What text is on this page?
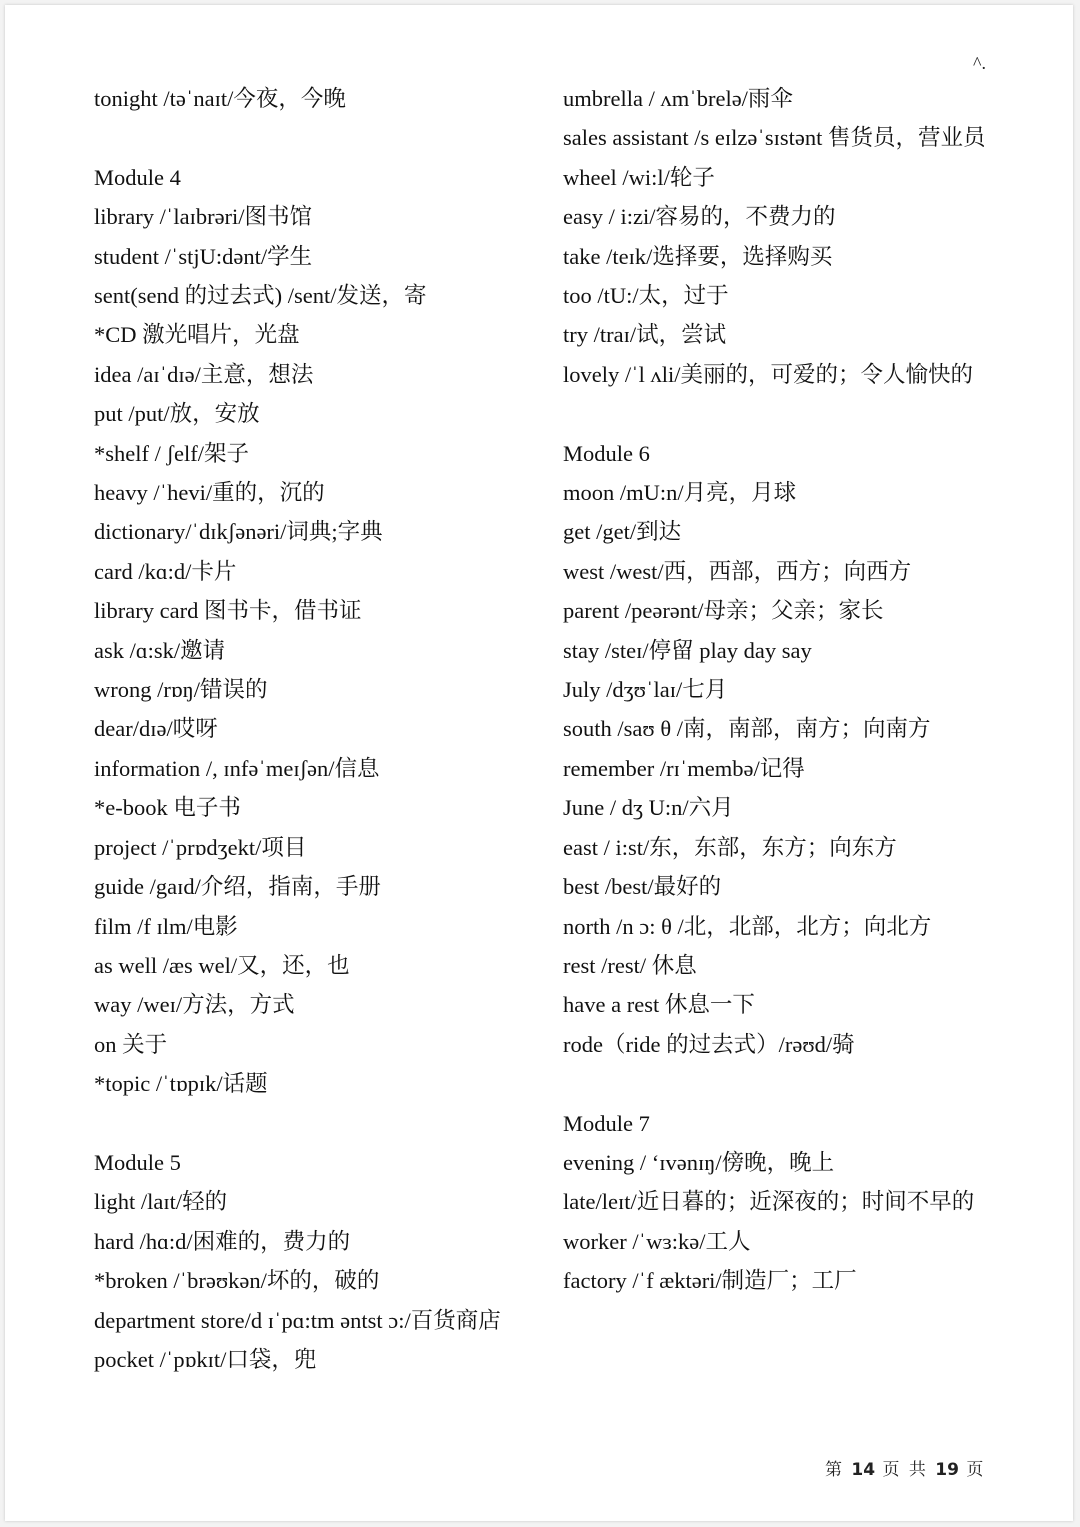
^.
tonight /təˈnaɪt/今夜，今晚
Module 4
library /ˈlaɪbrəri/图书馆
student /ˈstjU:dənt/学生
sent(send 的过去式) /sent/发送，寄
*CD 激光唱片，光盘
idea /aɪˈdɪə/主意，想法
put /put/放，安放
*shelf / ʃelf/架子
heavy /ˈhevi/重的，沉的
dictionary/ˈdɪkʃənəri/词典;字典
card /kɑ:d/卡片
library card 图书卡，借书证
ask /ɑ:sk/邀请
wrong /rɒŋ/错误的
dear/dɪə/哎呀
information /, ɪnfəˈmeɪʃən/信息
*e-book 电子书
project /ˈprɒdʒekt/项目
guide /gaɪd/介绍，指南，手册
film /f ɪlm/电影
as well /æs wel/又，还，也
way /weɪ/方法，方式
on 关于
*topic /ˈtɒpɪk/话题
Module 5
light /laɪt/轻的
hard /hɑ:d/困难的，费力的
*broken /ˈbrəʊkən/坏的，破的
department store/d ɪˈpɑ:tm əntst ɔ:/百货商店
pocket /ˈpɒkɪt/口袋，兜
umbrella / ʌmˈbrelə/雨伞
sales assistant /s eɪlzəˈsɪstənt 售货员，营业员
wheel /wi:l/轮子
easy / i:zi/容易的，不费力的
take /teɪk/选择要，选择购买
too /tU:/太，过于
try /traɪ/试，尝试
lovely /ˈl ʌli/美丽的，可爱的；令人愉快的
Module 6
moon /mU:n/月亮，月球
get /get/到达
west /west/西，西部，西方；向西方
parent /peərənt/母亲；父亲；家长
stay /steɪ/停留 play day say
July /dʒʊˈlaɪ/七月
south /saʊ θ /南，南部，南方；向南方
remember /rɪˈmembə/记得
June / dʒ U:n/六月
east / i:st/东，东部，东方；向东方
best /best/最好的
north /n ɔ: θ /北，北部，北方；向北方
rest /rest/ 休息
have a rest 休息一下
rode（ride 的过去式）/rəʊd/骑
Module 7
evening / ‘ɪvənɪŋ/傍晚，晚上
late/leɪt/近日暮的；近深夜的；时间不早的
worker /ˈwɜ:kə/工人
factory /ˈf æktəri/制造厂；工厂
第 14 页 共 19 页
